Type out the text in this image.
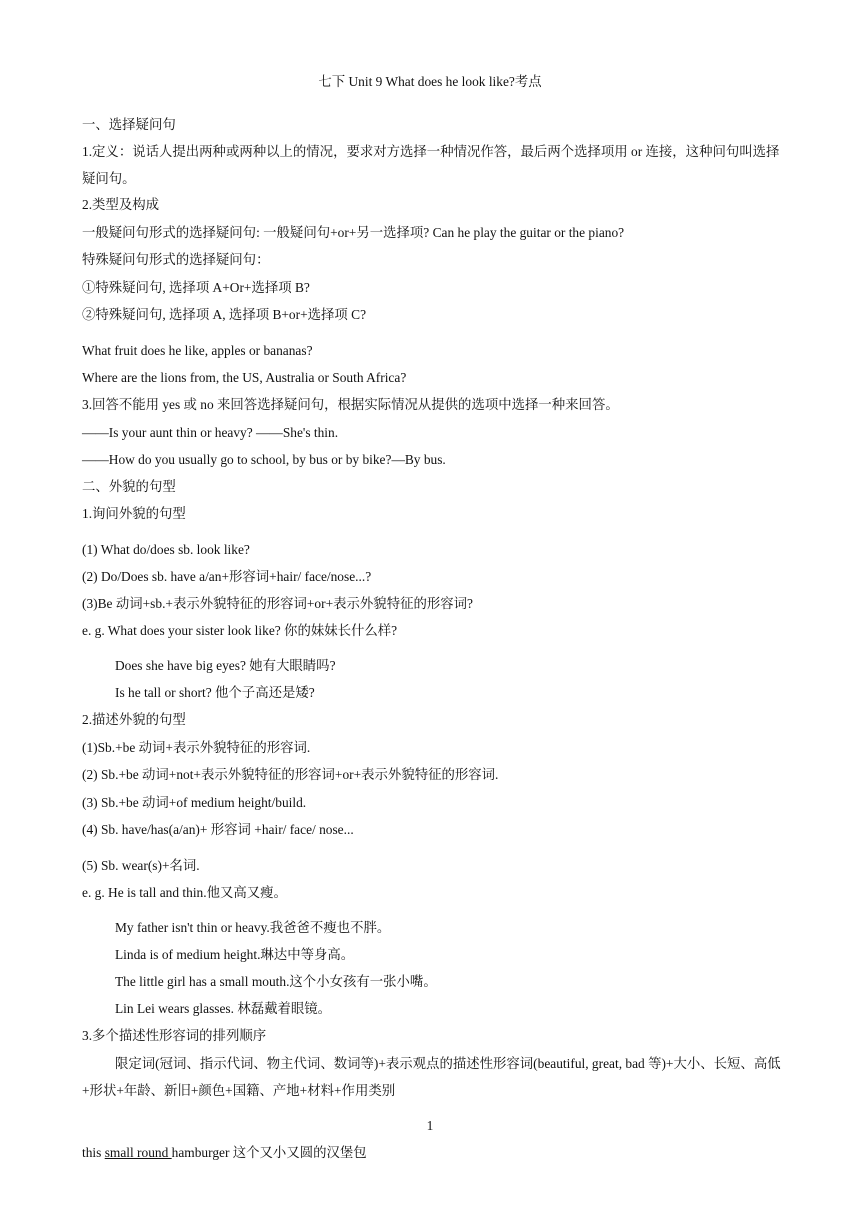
七下 Unit 9 What does he look like?考点

一、选择疑问句

1.定义：说话人提出两种或两种以上的情况，要求对方选择一种情况作答，最后两个选择项用 or 连接，这种问句叫选择疑问句。

2.类型及构成

一般疑问句形式的选择疑问句: 一般疑问句+or+另一选择项? Can he play the guitar or the piano?

特殊疑问句形式的选择疑问句：

①特殊疑问句, 选择项 A+Or+选择项 B?

②特殊疑问句, 选择项 A, 选择项 B+or+选择项 C?

What fruit does he like, apples or bananas?

Where are the lions from, the US, Australia or South Africa?

3.回答不能用 yes 或 no 来回答选择疑问句，根据实际情况从提供的选项中选择一种来回答。

——Is your aunt thin or heavy? ——She's thin.

——How do you usually go to school, by bus or by bike?—By bus.

二、外貌的句型

1.询问外貌的句型

(1) What do/does sb. look like?

(2) Do/Does sb. have a/an+形容词+hair/ face/nose...?

(3)Be 动词+sb.+表示外貌特征的形容词+or+表示外貌特征的形容词?

e. g. What does your sister look like? 你的妹妹长什么样?

Does she have big eyes? 她有大眼睛吗?

Is he tall or short? 他个子高还是矮?

2.描述外貌的句型

(1)Sb.+be 动词+表示外貌特征的形容词.

(2) Sb.+be 动词+not+表示外貌特征的形容词+or+表示外貌特征的形容词.

(3) Sb.+be 动词+of medium height/build.

(4) Sb. have/has(a/an)+ 形容词 +hair/ face/ nose...

(5) Sb. wear(s)+名词.

e. g. He is tall and thin.他又高又瘦。

My father isn't thin or heavy.我爸爸不瘦也不胖。

Linda is of medium height.琳达中等身高。

The little girl has a small mouth.这个小女孩有一张小嘴。

Lin Lei wears glasses. 林磊戴着眼镜。

3.多个描述性形容词的排列顺序

限定词(冠词、指示代词、物主代词、数词等)+表示观点的描述性形容词(beautiful, great, bad 等)+大小、长短、高低+形状+年龄、新旧+颜色+国籍、产地+材料+作用类别

1

this small round hamburger 这个又小又圆的汉堡包
